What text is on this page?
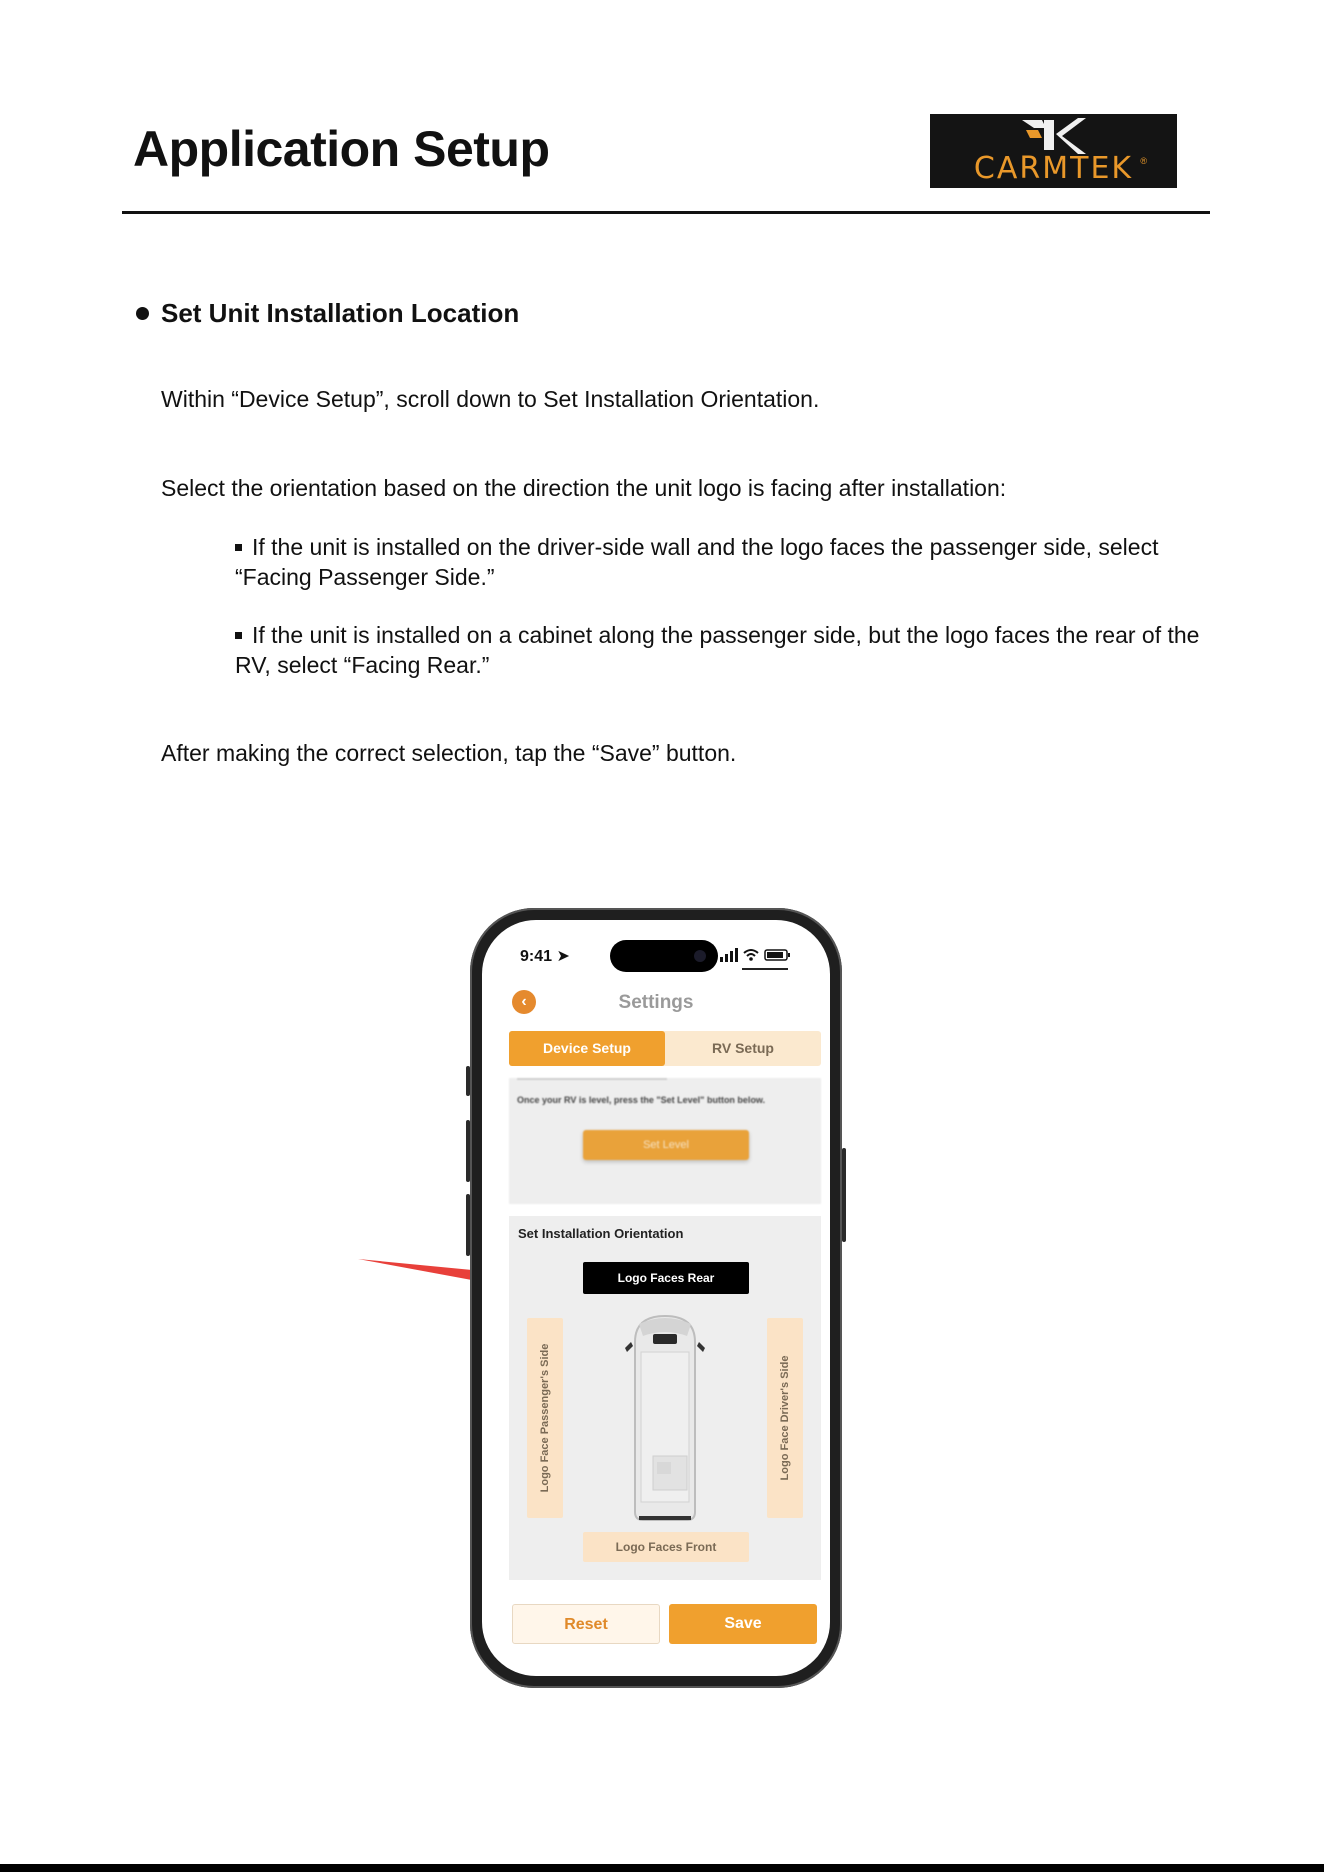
Application Setup	CARMTEK ®
Set Unit Installation Location
Within “Device Setup”, scroll down to Set Installation Orientation.
Select the orientation based on the direction the unit logo is facing after installation:
If the unit is installed on the driver-side wall and the logo faces the passenger side, select “Facing Passenger Side.”
If the unit is installed on a cabinet along the passenger side, but the logo faces the rear of the RV, select “Facing Rear.”
After making the correct selection, tap the “Save” button.
9:41 ➤
‹	Settings
Device Setup	RV Setup
Once your RV is level, press the "Set Level" button below.
Set Level
Set Installation Orientation
Logo Faces Rear
Logo Face Passenger's Side	Logo Face Driver's Side
Logo Faces Front
Reset	Save
